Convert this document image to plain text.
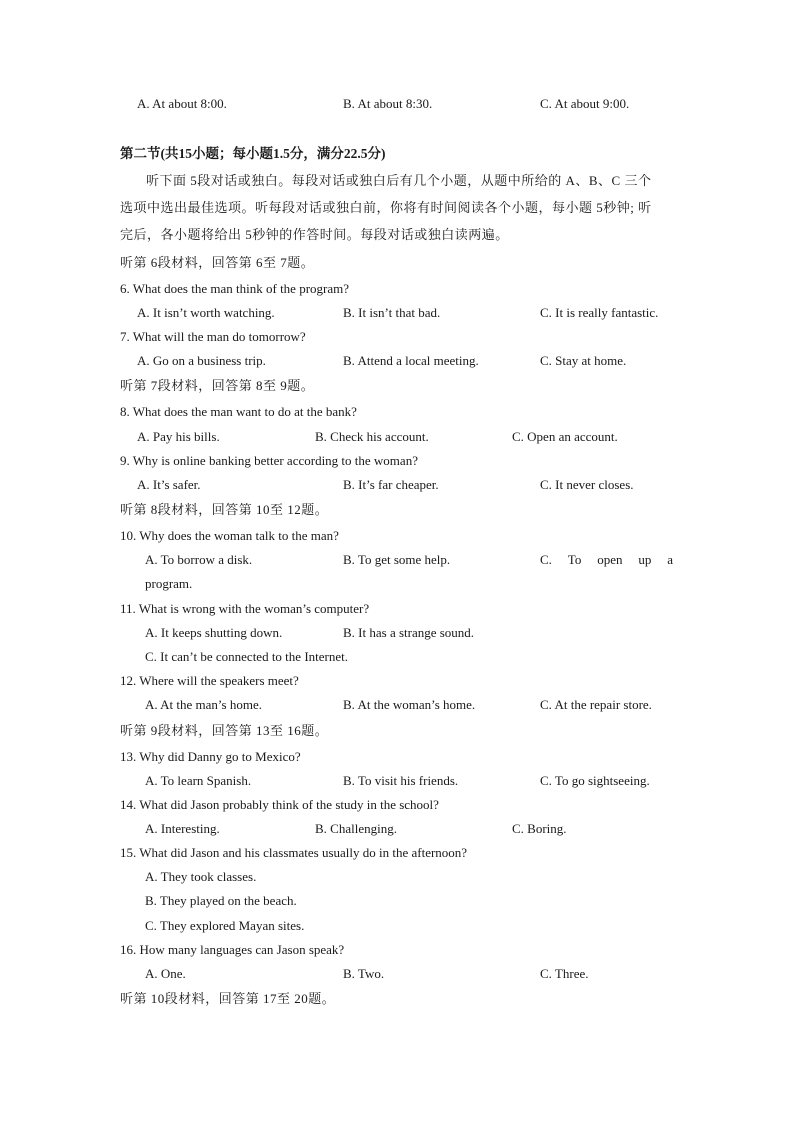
A. At about 8:00.	B. At about 8:30.	C. At about 9:00.
第二节(共15小题；每小题1.5分，满分22.5分)
听下面 5段对话或独白。每段对话或独白后有几个小题，从题中所给的 A、B、C 三个
选项中选出最佳选项。听每段对话或独白前，你将有时间阅读各个小题，每小题 5秒钟; 听
完后，各小题将给出 5秒钟的作答时间。每段对话或独白读两遍。
听第 6段材料，回答第 6至 7题。
6. What does the man think of the program?
A. It isn’t worth watching.	B. It isn’t that bad.	C. It is really fantastic.
7. What will the man do tomorrow?
A. Go on a business trip.	B. Attend a local meeting.	C. Stay at home.
听第 7段材料，回答第 8至 9题。
8. What does the man want to do at the bank?
A. Pay his bills.	B. Check his account.	C. Open an account.
9. Why is online banking better according to the woman?
A. It’s safer.	B. It’s far cheaper.	C. It never closes.
听第 8段材料，回答第 10至 12题。
10. Why does the woman talk to the man?
A. To borrow a disk.	B. To get some help.	C. To open up a
program.
11. What is wrong with the woman’s computer?
A. It keeps shutting down.	B. It has a strange sound.
C. It can’t be connected to the Internet.
12. Where will the speakers meet?
A. At the man’s home.	B. At the woman’s home.	C. At the repair store.
听第 9段材料，回答第 13至 16题。
13. Why did Danny go to Mexico?
A. To learn Spanish.	B. To visit his friends.	C. To go sightseeing.
14. What did Jason probably think of the study in the school?
A. Interesting.	B. Challenging.	C. Boring.
15. What did Jason and his classmates usually do in the afternoon?
A. They took classes.
B. They played on the beach.
C. They explored Mayan sites.
16. How many languages can Jason speak?
A. One.	B. Two.	C. Three.
听第 10段材料，回答第 17至 20题。
